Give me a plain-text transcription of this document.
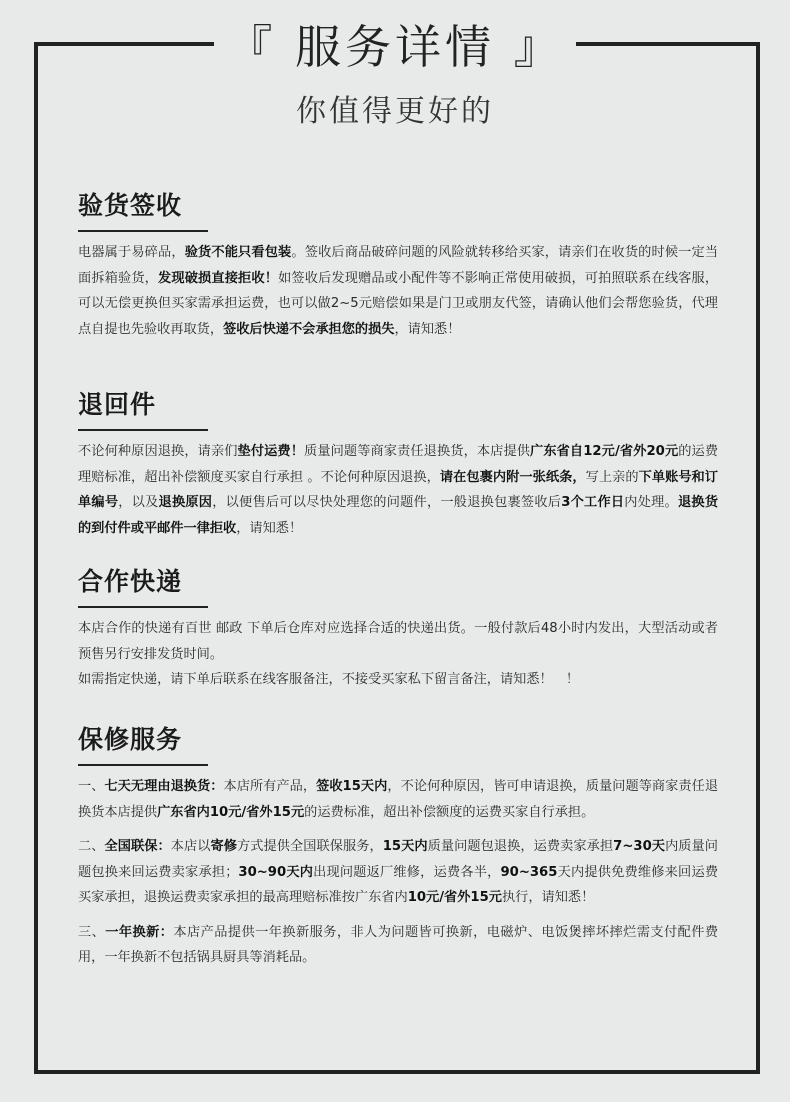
『 服务详情 』
你值得更好的
验货签收

电器属于易碎品，验货不能只看包装。签收后商品破碎问题的风险就转移给买家，请亲们在收货的时候一定当面拆箱验货，发现破损直接拒收！如签收后发现赠品或小配件等不影响正常使用破损，可拍照联系在线客服，可以无偿更换但买家需承担运费，也可以做2~5元赔偿如果是门卫或朋友代签，请确认他们会帮您验货，代理点自提也先验收再取货，签收后快递不会承担您的损失，请知悉！

退回件

不论何种原因退换，请亲们垫付运费！质量问题等商家责任退换货，本店提供广东省自12元/省外20元的运费理赔标准，超出补偿额度买家自行承担 。不论何种原因退换，请在包裹内附一张纸条，写上亲的下单账号和订单编号，以及退换原因，以便售后可以尽快处理您的问题件，一般退换包裹签收后3个工作日内处理。退换货的到付件或平邮件一律拒收，请知悉！

合作快递

本店合作的快递有百世 邮政 下单后仓库对应选择合适的快递出货。一般付款后48小时内发出，大型活动或者预售另行安排发货时间。

如需指定快递，请下单后联系在线客服备注，不接受买家私下留言备注，请知悉！　！

保修服务

一、七天无理由退换货：本店所有产品，签收15天内，不论何种原因，皆可申请退换，质量问题等商家责任退换货本店提供广东省内10元/省外15元的运费标准，超出补偿额度的运费买家自行承担。

二、全国联保：本店以寄修方式提供全国联保服务，15天内质量问题包退换，运费卖家承担7~30天内质量问题包换来回运费卖家承担；30~90天内出现问题返厂维修，运费各半，90~365天内提供免费维修来回运费买家承担，退换运费卖家承担的最高理赔标准按广东省内10元/省外15元执行，请知悉！

三、一年换新：本店产品提供一年换新服务，非人为问题皆可换新，电磁炉、电饭煲摔坏摔烂需支付配件费用，一年换新不包括锅具厨具等消耗品。
